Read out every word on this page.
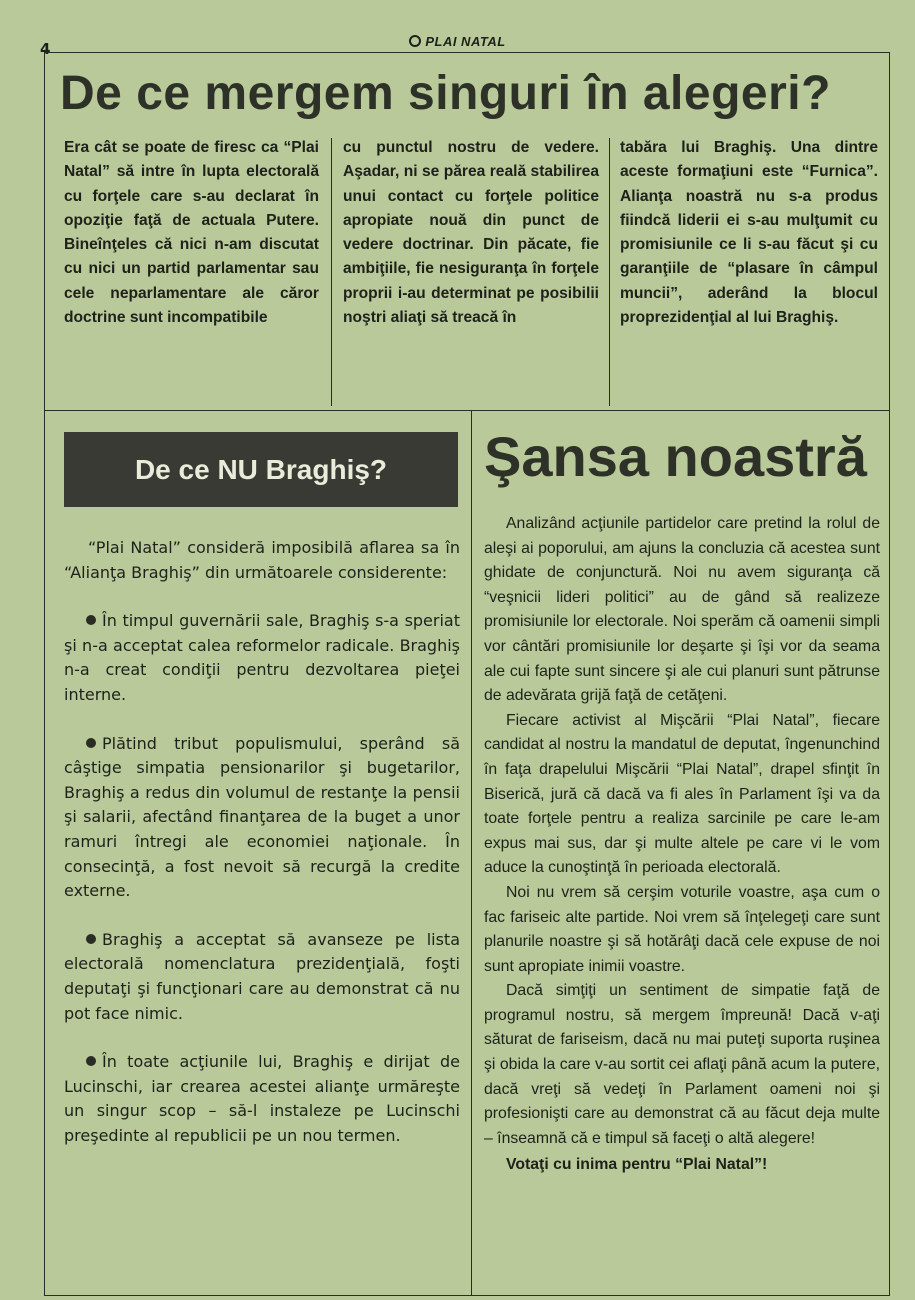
4	PLAI NATAL
De ce mergem singuri în alegeri?

Era cât se poate de firesc ca “Plai Natal” să intre în lupta electorală cu forţele care s-au declarat în opoziţie faţă de actuala Putere. Bineînţeles că nici n-am discutat cu nici un partid parlamentar sau cele neparlamentare ale căror doctrine sunt incompatibile

cu punctul nostru de vedere. Aşadar, ni se părea reală stabilirea unui contact cu forţele politice apropiate nouă din punct de vedere doctrinar. Din păcate, fie ambiţiile, fie nesiguranţa în forţele proprii i-au determinat pe posibilii noştri aliaţi să treacă în

tabăra lui Braghiş. Una dintre aceste formaţiuni este “Furnica”. Alianţa noastră nu s-a produs fiindcă liderii ei s-au mulţumit cu promisiunile ce li s-au făcut şi cu garanţiile de “plasare în câmpul muncii”, aderând la blocul proprezidenţial al lui Braghiş.

De ce NU Braghiş?

“Plai Natal” consideră imposibilă aflarea sa în “Alianţa Braghiş” din următoarele considerente:

În timpul guvernării sale, Braghiş s-a speriat şi n-a acceptat calea reformelor radicale. Braghiş n-a creat condiţii pentru dezvoltarea pieţei interne.

Plătind tribut populismului, sperând să câştige simpatia pensionarilor şi bugetarilor, Braghiş a redus din volumul de restanţe la pensii şi salarii, afectând finanţarea de la buget a unor ramuri întregi ale economiei naţionale. În consecinţă, a fost nevoit să recurgă la credite externe.

Braghiş a acceptat să avanseze pe lista electorală nomenclatura prezidenţială, foşti deputaţi şi funcţionari care au demonstrat că nu pot face nimic.

În toate acţiunile lui, Braghiş e dirijat de Lucinschi, iar crearea acestei alianţe urmăreşte un singur scop – să-l instaleze pe Lucinschi preşedinte al republicii pe un nou termen.

Şansa noastră

Analizând acţiunile partidelor care pretind la rolul de aleşi ai poporului, am ajuns la concluzia că acestea sunt ghidate de conjunctură. Noi nu avem siguranţa că “veşnicii lideri politici” au de gând să realizeze promisiunile lor electorale. Noi sperăm că oamenii simpli vor cântări promisiunile lor deşarte şi îşi vor da seama ale cui fapte sunt sincere şi ale cui planuri sunt pătrunse de adevărata grijă faţă de cetăţeni.

Fiecare activist al Mişcării “Plai Natal”, fiecare candidat al nostru la mandatul de deputat, îngenunchind în faţa drapelului Mişcării “Plai Natal”, drapel sfinţit în Biserică, jură că dacă va fi ales în Parlament îşi va da toate forţele pentru a realiza sarcinile pe care le-am expus mai sus, dar şi multe altele pe care vi le vom aduce la cunoştinţă în perioada electorală.

Noi nu vrem să cerşim voturile voastre, aşa cum o fac fariseic alte partide. Noi vrem să înţelegeţi care sunt planurile noastre şi să hotărâţi dacă cele expuse de noi sunt apropiate inimii voastre.

Dacă simţiţi un sentiment de simpatie faţă de programul nostru, să mergem împreună! Dacă v-aţi săturat de fariseism, dacă nu mai puteţi suporta ruşinea şi obida la care v-au sortit cei aflaţi până acum la putere, dacă vreţi să vedeţi în Parlament oameni noi şi profesionişti care au demonstrat că au făcut deja multe – înseamnă că e timpul să faceţi o altă alegere!

Votaţi cu inima pentru “Plai Natal”!
